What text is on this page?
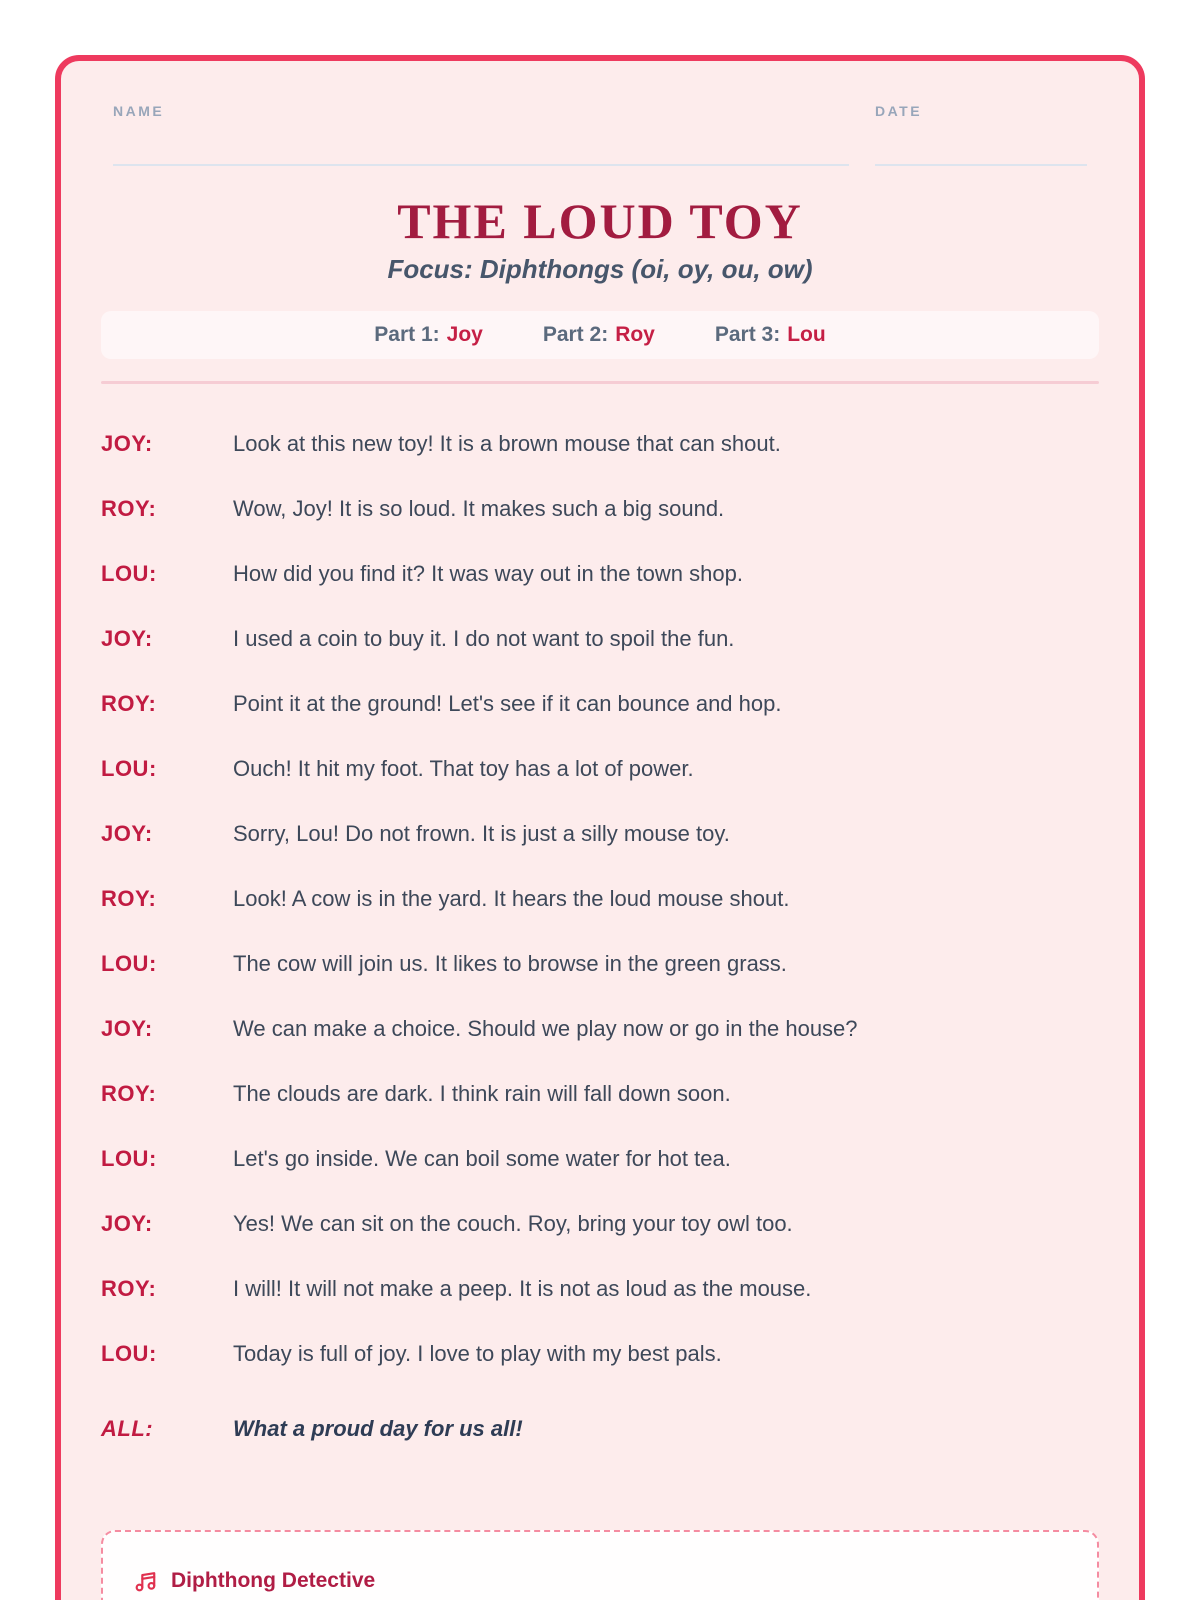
NAME	DATE
THE LOUD TOY
Focus: Diphthongs (oi, oy, ou, ow)
Part 1: Joy	Part 2: Roy	Part 3: Lou
JOY:	Look at this new toy! It is a brown mouse that can shout.
ROY:	Wow, Joy! It is so loud. It makes such a big sound.
LOU:	How did you find it? It was way out in the town shop.
JOY:	I used a coin to buy it. I do not want to spoil the fun.
ROY:	Point it at the ground! Let's see if it can bounce and hop.
LOU:	Ouch! It hit my foot. That toy has a lot of power.
JOY:	Sorry, Lou! Do not frown. It is just a silly mouse toy.
ROY:	Look! A cow is in the yard. It hears the loud mouse shout.
LOU:	The cow will join us. It likes to browse in the green grass.
JOY:	We can make a choice. Should we play now or go in the house?
ROY:	The clouds are dark. I think rain will fall down soon.
LOU:	Let's go inside. We can boil some water for hot tea.
JOY:	Yes! We can sit on the couch. Roy, bring your toy owl too.
ROY:	I will! It will not make a peep. It is not as loud as the mouse.
LOU:	Today is full of joy. I love to play with my best pals.
ALL:	What a proud day for us all!
Diphthong Detective
